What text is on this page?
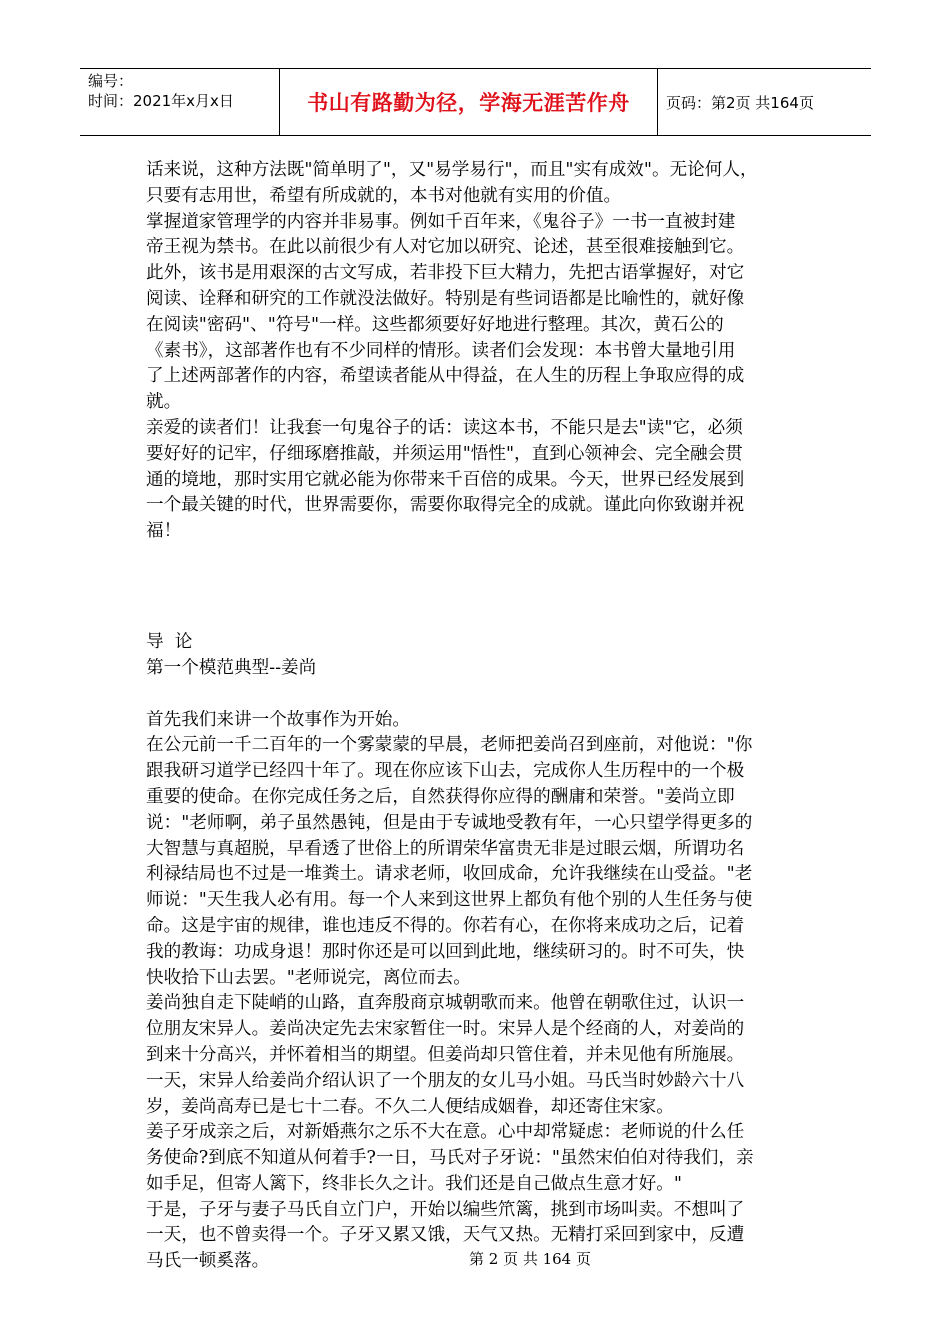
编号：
时间：2021年x月x日	书山有路勤为径，学海无涯苦作舟	页码：第2页 共164页

话来说，这种方法既"简单明了"，又"易学易行"，而且"实有成效"。无论何人，
只要有志用世，希望有所成就的，本书对他就有实用的价值。

掌握道家管理学的内容并非易事。例如千百年来，《鬼谷子》一书一直被封建
帝王视为禁书。在此以前很少有人对它加以研究、论述，甚至很难接触到它。
此外，该书是用艰深的古文写成，若非投下巨大精力，先把古语掌握好，对它
阅读、诠释和研究的工作就没法做好。特别是有些词语都是比喻性的，就好像
在阅读"密码"、"符号"一样。这些都须要好好地进行整理。其次，黄石公的
《素书》，这部著作也有不少同样的情形。读者们会发现：本书曾大量地引用
了上述两部著作的内容，希望读者能从中得益，在人生的历程上争取应得的成
就。

亲爱的读者们！让我套一句鬼谷子的话：读这本书，不能只是去"读"它，必须
要好好的记牢，仔细琢磨推敲，并须运用"悟性"，直到心领神会、完全融会贯
通的境地，那时实用它就必能为你带来千百倍的成果。今天，世界已经发展到
一个最关键的时代，世界需要你，需要你取得完全的成就。谨此向你致谢并祝
福！

导  论

第一个模范典型--姜尚

首先我们来讲一个故事作为开始。

在公元前一千二百年的一个雾蒙蒙的早晨，老师把姜尚召到座前，对他说："你
跟我研习道学已经四十年了。现在你应该下山去，完成你人生历程中的一个极
重要的使命。在你完成任务之后，自然获得你应得的酬庸和荣誉。"姜尚立即
说："老师啊，弟子虽然愚钝，但是由于专诚地受教有年，一心只望学得更多的
大智慧与真超脱，早看透了世俗上的所谓荣华富贵无非是过眼云烟，所谓功名
利禄结局也不过是一堆粪土。请求老师，收回成命，允许我继续在山受益。"老
师说："天生我人必有用。每一个人来到这世界上都负有他个别的人生任务与使
命。这是宇宙的规律，谁也违反不得的。你若有心，在你将来成功之后，记着
我的教诲：功成身退！那时你还是可以回到此地，继续研习的。时不可失，快
快收拾下山去罢。"老师说完，离位而去。

姜尚独自走下陡峭的山路，直奔殷商京城朝歌而来。他曾在朝歌住过，认识一
位朋友宋异人。姜尚决定先去宋家暂住一时。宋异人是个经商的人，对姜尚的
到来十分高兴，并怀着相当的期望。但姜尚却只管住着，并未见他有所施展。
一天，宋异人给姜尚介绍认识了一个朋友的女儿马小姐。马氏当时妙龄六十八
岁，姜尚高寿已是七十二春。不久二人便结成姻眷，却还寄住宋家。

姜子牙成亲之后，对新婚燕尔之乐不大在意。心中却常疑虑：老师说的什么任
务使命?到底不知道从何着手?一日，马氏对子牙说："虽然宋伯伯对待我们，亲
如手足，但寄人篱下，终非长久之计。我们还是自己做点生意才好。"

于是，子牙与妻子马氏自立门户，开始以编些笊篱，挑到市场叫卖。不想叫了
一天，也不曾卖得一个。子牙又累又饿，天气又热。无精打采回到家中，反遭
马氏一顿奚落。	第 2 页 共 164 页
